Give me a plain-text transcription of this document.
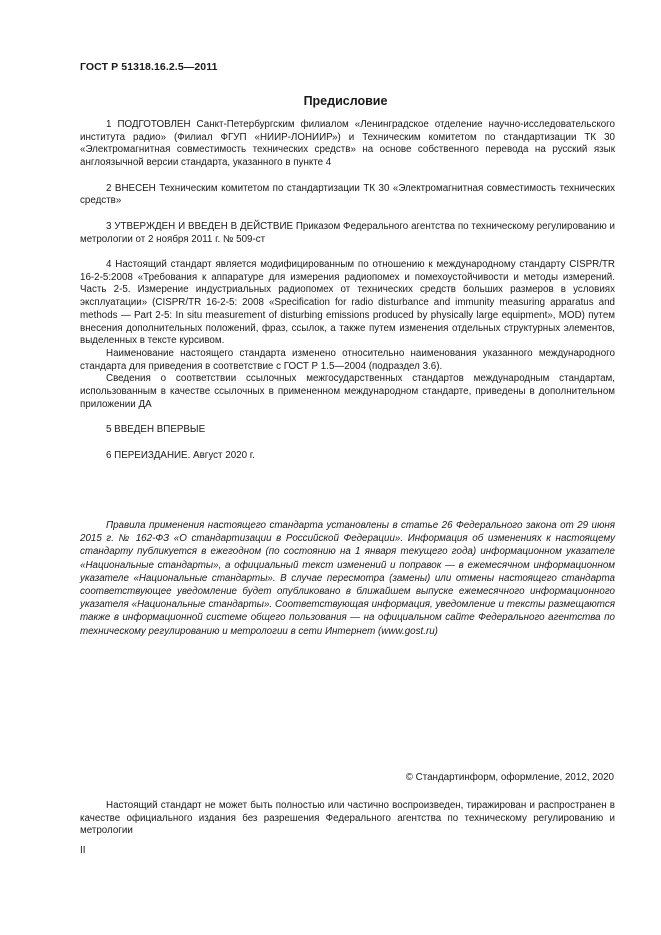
ГОСТ Р 51318.16.2.5—2011
Предисловие

1 ПОДГОТОВЛЕН Санкт-Петербургским филиалом «Ленинградское отделение научно-исследовательского института радио» (Филиал ФГУП «НИИР-ЛОНИИР») и Техническим комитетом по стандартизации ТК 30 «Электромагнитная совместимость технических средств» на основе собственного перевода на русский язык англоязычной версии стандарта, указанного в пункте 4

2 ВНЕСЕН Техническим комитетом по стандартизации ТК 30 «Электромагнитная совместимость технических средств»

3 УТВЕРЖДЕН И ВВЕДЕН В ДЕЙСТВИЕ Приказом Федерального агентства по техническому регулированию и метрологии от 2 ноября 2011 г. № 509-ст

4 Настоящий стандарт является модифицированным по отношению к международному стандарту CISPR/TR 16-2-5:2008 «Требования к аппаратуре для измерения радиопомех и помехоустойчивости и методы измерений. Часть 2-5. Измерение индустриальных радиопомех от технических средств больших размеров в условиях эксплуатации» (CISPR/TR 16-2-5: 2008 «Specification for radio disturbance and immunity measuring apparatus and methods — Part 2-5: In situ measurement of disturbing emissions produced by physically large equipment», MOD) путем внесения дополнительных положений, фраз, ссылок, а также путем изменения отдельных структурных элементов, выделенных в тексте курсивом.

Наименование настоящего стандарта изменено относительно наименования указанного международного стандарта для приведения в соответствие с ГОСТ Р 1.5—2004 (подраздел 3.6).

Сведения о соответствии ссылочных межгосударственных стандартов международным стандартам, использованным в качестве ссылочных в примененном международном стандарте, приведены в дополнительном приложении ДА

5 ВВЕДЕН ВПЕРВЫЕ

6 ПЕРЕИЗДАНИЕ. Август 2020 г.

Правила применения настоящего стандарта установлены в статье 26 Федерального закона от 29 июня 2015 г. № 162-ФЗ «О стандартизации в Российской Федерации». Информация об изменениях к настоящему стандарту публикуется в ежегодном (по состоянию на 1 января текущего года) информационном указателе «Национальные стандарты», а официальный текст изменений и поправок — в ежемесячном информационном указателе «Национальные стандарты». В случае пересмотра (замены) или отмены настоящего стандарта соответствующее уведомление будет опубликовано в ближайшем выпуске ежемесячного информационного указателя «Национальные стандарты». Соответствующая информация, уведомление и тексты размещаются также в информационной системе общего пользования — на официальном сайте Федерального агентства по техническому регулированию и метрологии в сети Интернет (www.gost.ru)

© Стандартинформ, оформление, 2012, 2020

Настоящий стандарт не может быть полностью или частично воспроизведен, тиражирован и распространен в качестве официального издания без разрешения Федерального агентства по техническому регулированию и метрологии

II
